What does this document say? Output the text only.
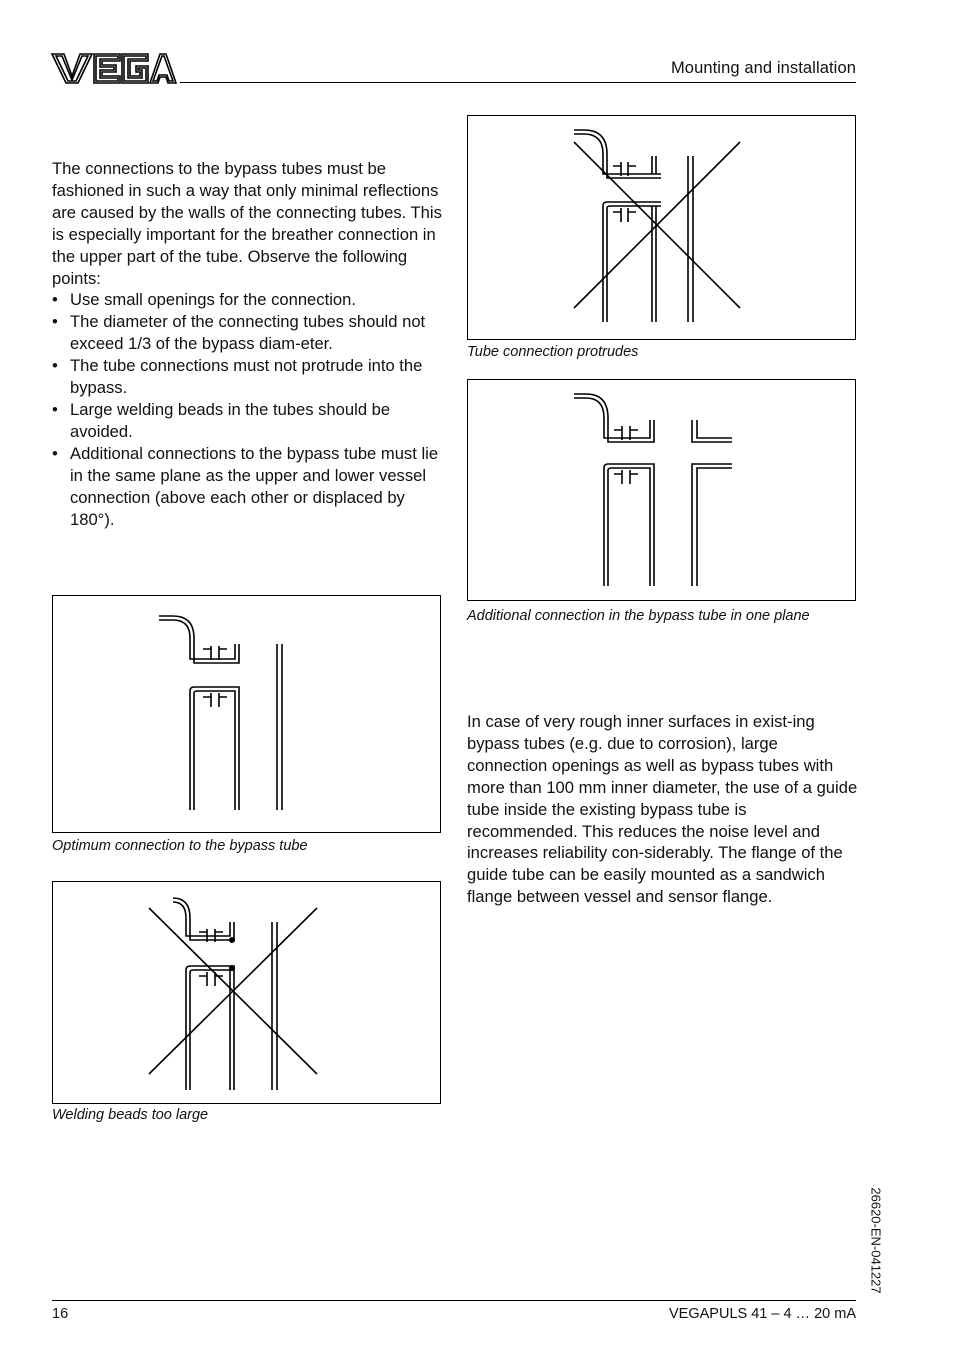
VEGA	Mounting and installation

The connections to the bypass tubes must be fashioned in such a way that only minimal reflections are caused by the walls of the connecting tubes. This is especially important for the breather connection in the upper part of the tube. Observe the following points:

• Use small openings for the connection.
• The diameter of the connecting tubes should not exceed 1/3 of the bypass diam-eter.
• The tube connections must not protrude into the bypass.
• Large welding beads in the tubes should be avoided.
• Additional connections to the bypass tube must lie in the same plane as the upper and lower vessel connection (above each other or displaced by 180°).
Optimum connection to the bypass tube
Welding beads too large
Tube connection protrudes
Additional connection in the bypass tube in one plane
In case of very rough inner surfaces in exist-ing bypass tubes (e.g. due to corrosion), large connection openings as well as bypass tubes with more than 100 mm inner diameter, the use of a guide tube inside the existing bypass tube is recommended. This reduces the noise level and increases reliability con-siderably. The flange of the guide tube can be easily mounted as a sandwich flange between vessel and sensor flange.
26620-EN-041227
16	VEGAPULS 41 – 4 … 20 mA
